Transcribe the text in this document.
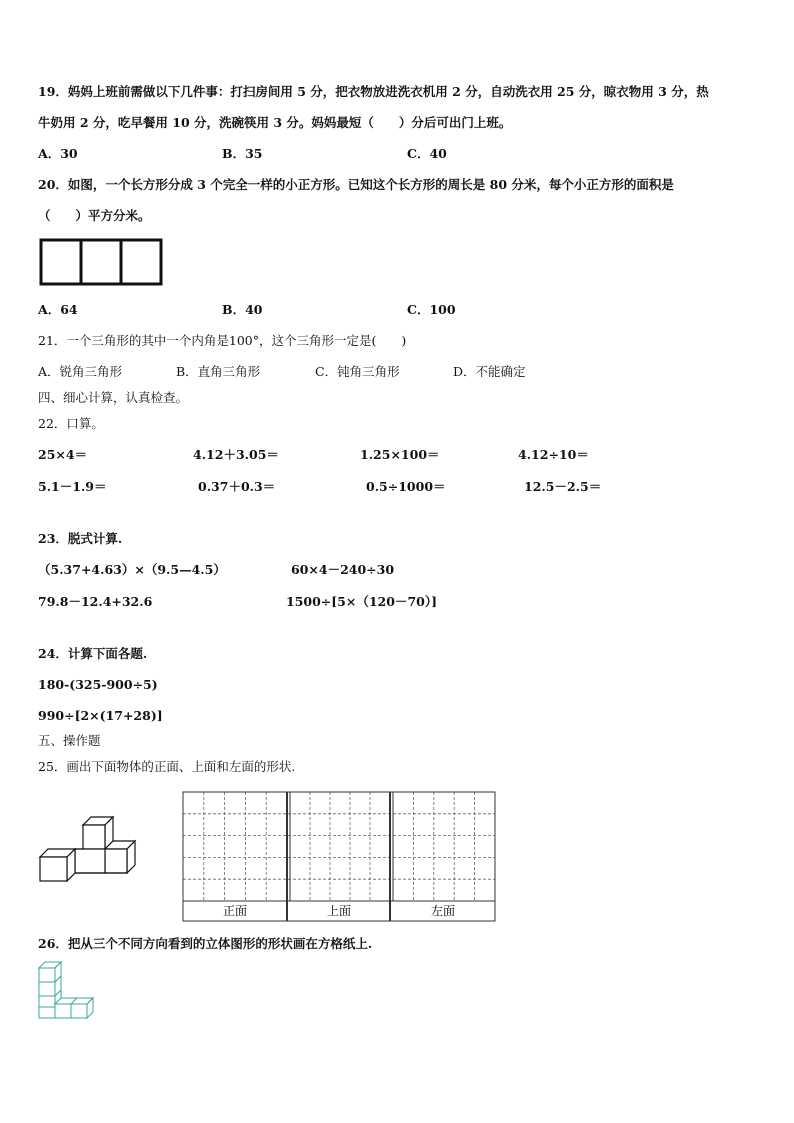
19．妈妈上班前需做以下几件事：打扫房间用 5 分，把衣物放进洗衣机用 2 分，自动洗衣用 25 分，晾衣物用 3 分，热
牛奶用 2 分，吃早餐用 10 分，洗碗筷用 3 分。妈妈最短（　　）分后可出门上班。
A．30	B．35	C．40
20．如图，一个长方形分成 3 个完全一样的小正方形。已知这个长方形的周长是 80 分米，每个小正方形的面积是
（　　）平方分米。
A．64	B．40	C．100
21．一个三角形的其中一个内角是100°，这个三角形一定是(　　)
A．锐角三角形	B．直角三角形	C．钝角三角形	D．不能确定
四、细心计算，认真检查。
22．口算。
25×4＝	4.12＋3.05＝	1.25×100＝	4.12÷10＝
5.1－1.9＝	0.37＋0.3＝	0.5÷1000＝	12.5－2.5＝
23．脱式计算.
（5.37+4.63）×（9.5—4.5）	60×4－240÷30
79.8－12.4+32.6	1500÷[5×（120－70）]
24．计算下面各题.
180-(325-900÷5)
990÷[2×(17+28)]
五、操作题
25．画出下面物体的正面、上面和左面的形状.
正面	上面	左面
26．把从三个不同方向看到的立体图形的形状画在方格纸上.
